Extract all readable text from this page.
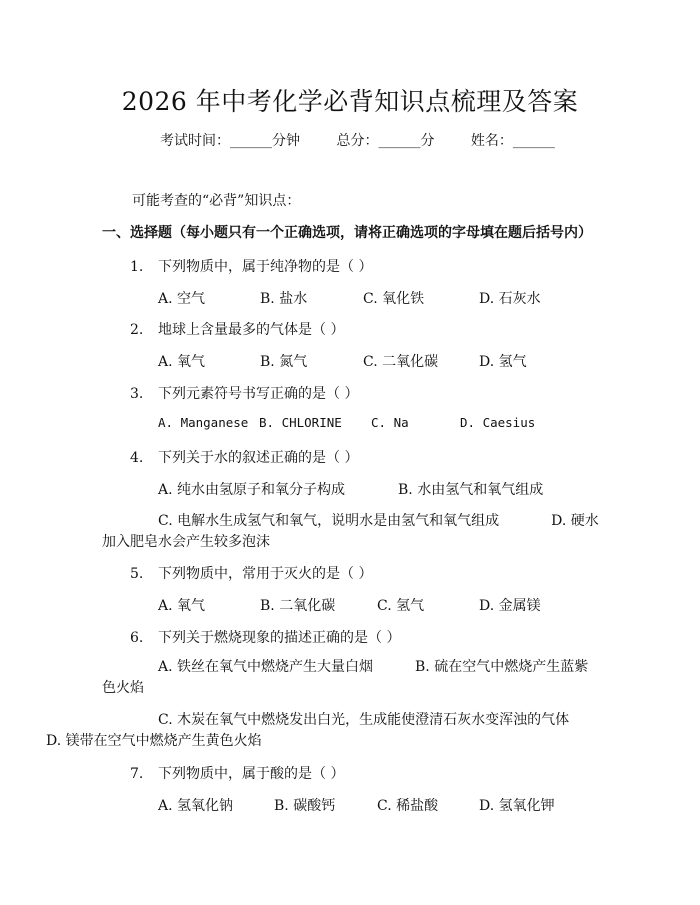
2026 年中考化学必背知识点梳理及答案
考试时间：______分钟	总分：______分	姓名：______
可能考查的“必背”知识点：
一、选择题（每小题只有一个正确选项，请将正确选项的字母填在题后括号内）
1. 下列物质中，属于纯净物的是（ ）
A. 空气	B. 盐水	C. 氧化铁	D. 石灰水
2. 地球上含量最多的气体是（ ）
A. 氧气	B. 氮气	C. 二氧化碳	D. 氢气
3. 下列元素符号书写正确的是（ ）
A. Manganese B. CHLORINE C. Na	D. Caesius
4. 下列关于水的叙述正确的是（ ）
A. 纯水由氢原子和氧分子构成	B. 水由氢气和氧气组成
C. 电解水生成氢气和氧气，说明水是由氢气和氧气组成	D. 硬水加入肥皂水会产生较多泡沫
5. 下列物质中，常用于灭火的是（ ）
A. 氧气	B. 二氧化碳	C. 氢气	D. 金属镁
6. 下列关于燃烧现象的描述正确的是（ ）
A. 铁丝在氧气中燃烧产生大量白烟	B. 硫在空气中燃烧产生蓝紫色火焰
C. 木炭在氧气中燃烧发出白光，生成能使澄清石灰水变浑浊的气体
D. 镁带在空气中燃烧产生黄色火焰
7. 下列物质中，属于酸的是（ ）
A. 氢氧化钠	B. 碳酸钙	C. 稀盐酸	D. 氢氧化钾
